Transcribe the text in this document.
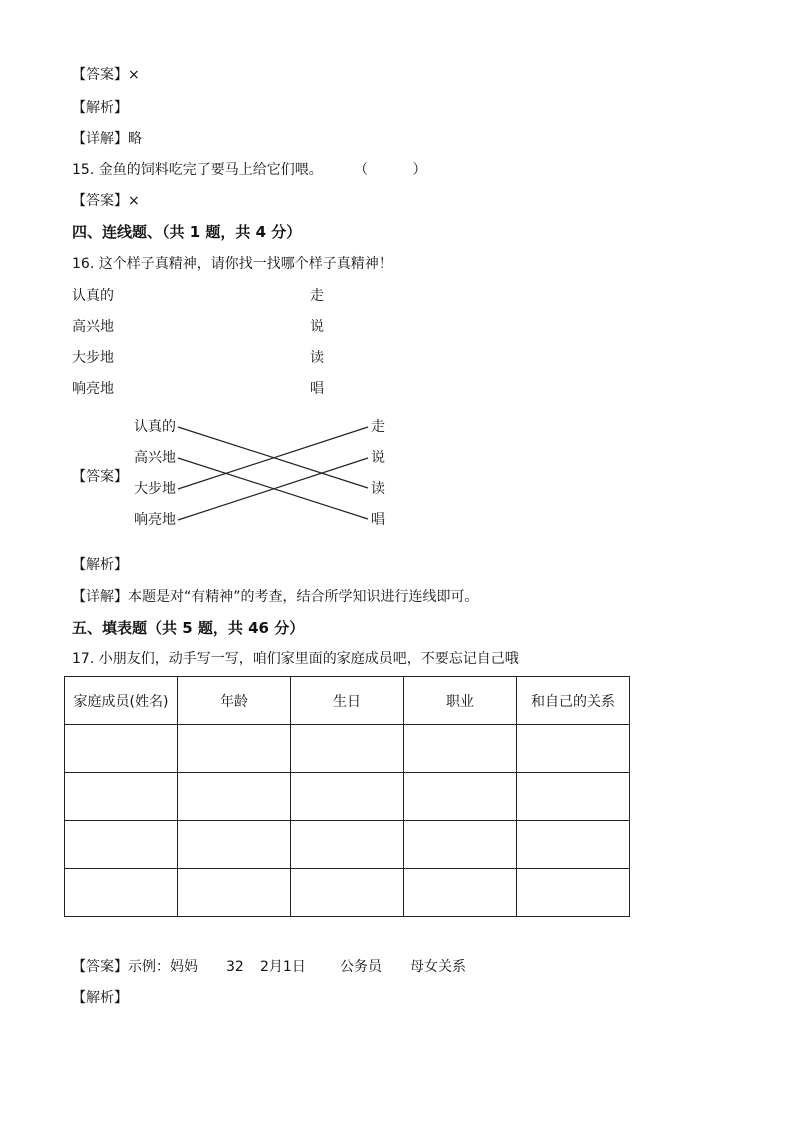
【答案】×
【解析】
【详解】略
15. 金鱼的饲料吃完了要马上给它们喂。 （          ）
【答案】×
四、连线题、（共 1 题，共 4 分）
16. 这个样子真精神，请你找一找哪个样子真精神！
认真的
高兴地
大步地
响亮地
走
说
读
唱
【答案】
认真的
高兴地
大步地
响亮地
走
说
读
唱
【解析】
【详解】本题是对“有精神”的考查，结合所学知识进行连线即可。
五、填表题（共 5 题，共 46 分）
17. 小朋友们，动手写一写，咱们家里面的家庭成员吧，不要忘记自己哦
家庭成员(姓名)	年龄	生日	职业	和自己的关系

【答案】示例：妈妈 32 2月1日 公务员 母女关系
【解析】
